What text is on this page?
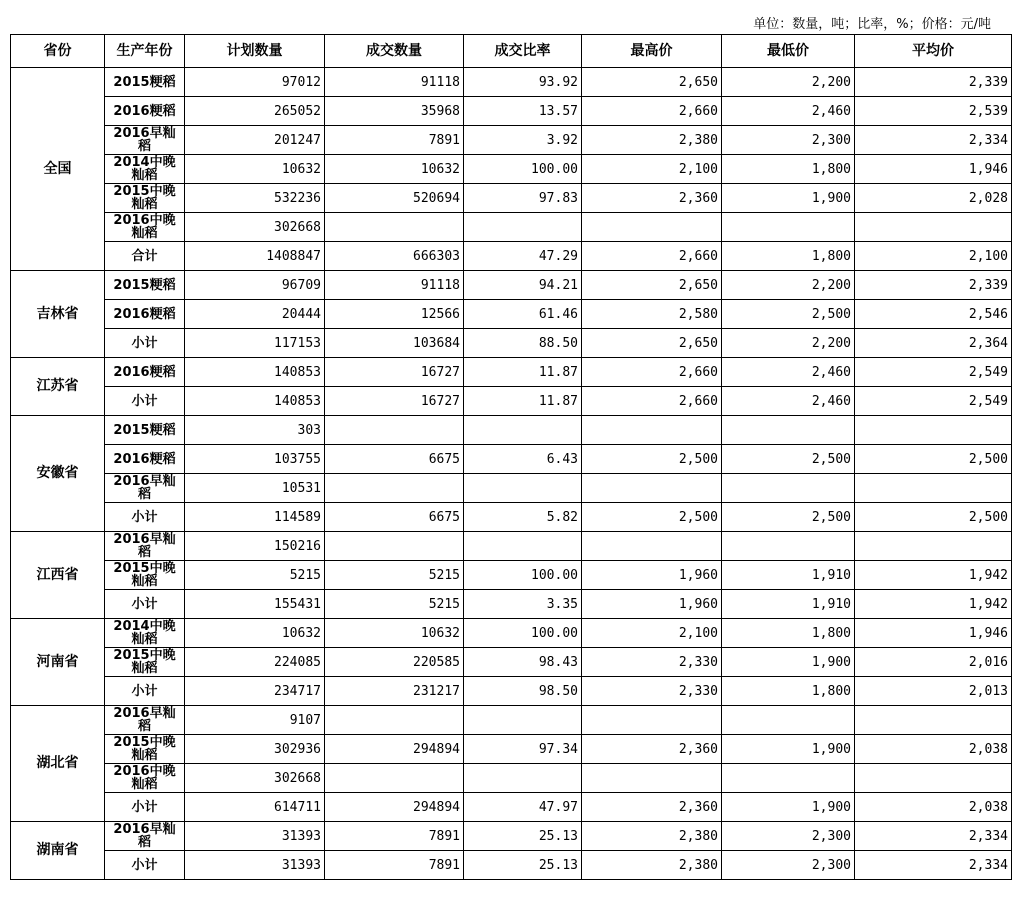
单位：数量，吨；比率，%；价格：元/吨
省份	生产年份	计划数量	成交数量	成交比率	最高价	最低价	平均价
全国	2015粳稻	97012	91118	93.92	2,650	2,200	2,339
	2016粳稻	265052	35968	13.57	2,660	2,460	2,539
	2016早籼稻	201247	7891	3.92	2,380	2,300	2,334
	2014中晚籼稻	10632	10632	100.00	2,100	1,800	1,946
	2015中晚籼稻	532236	520694	97.83	2,360	1,900	2,028
	2016中晚籼稻	302668					
	合计	1408847	666303	47.29	2,660	1,800	2,100
吉林省	2015粳稻	96709	91118	94.21	2,650	2,200	2,339
	2016粳稻	20444	12566	61.46	2,580	2,500	2,546
	小计	117153	103684	88.50	2,650	2,200	2,364
江苏省	2016粳稻	140853	16727	11.87	2,660	2,460	2,549
	小计	140853	16727	11.87	2,660	2,460	2,549
安徽省	2015粳稻	303					
	2016粳稻	103755	6675	6.43	2,500	2,500	2,500
	2016早籼稻	10531					
	小计	114589	6675	5.82	2,500	2,500	2,500
江西省	2016早籼稻	150216					
	2015中晚籼稻	5215	5215	100.00	1,960	1,910	1,942
	小计	155431	5215	3.35	1,960	1,910	1,942
河南省	2014中晚籼稻	10632	10632	100.00	2,100	1,800	1,946
	2015中晚籼稻	224085	220585	98.43	2,330	1,900	2,016
	小计	234717	231217	98.50	2,330	1,800	2,013
湖北省	2016早籼稻	9107					
	2015中晚籼稻	302936	294894	97.34	2,360	1,900	2,038
	2016中晚籼稻	302668					
	小计	614711	294894	47.97	2,360	1,900	2,038
湖南省	2016早籼稻	31393	7891	25.13	2,380	2,300	2,334
	小计	31393	7891	25.13	2,380	2,300	2,334
